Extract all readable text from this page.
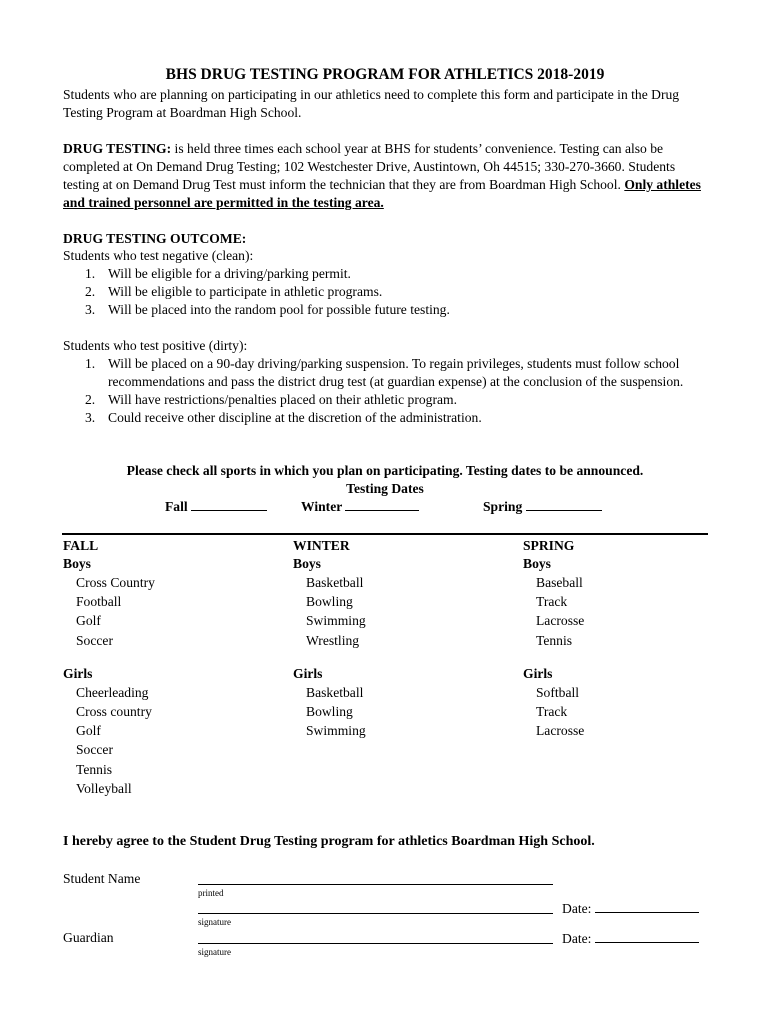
BHS DRUG TESTING PROGRAM FOR ATHLETICS 2018-2019
Students who are planning on participating in our athletics need to complete this form and participate in the Drug Testing Program at Boardman High School.
DRUG TESTING: is held three times each school year at BHS for students’ convenience. Testing can also be completed at On Demand Drug Testing; 102 Westchester Drive, Austintown, Oh 44515; 330-270-3660. Students testing at on Demand Drug Test must inform the technician that they are from Boardman High School. Only athletes and trained personnel are permitted in the testing area.
DRUG TESTING OUTCOME:
Students who test negative (clean):
1. Will be eligible for a driving/parking permit.
2. Will be eligible to participate in athletic programs.
3. Will be placed into the random pool for possible future testing.
Students who test positive (dirty):
1. Will be placed on a 90-day driving/parking suspension. To regain privileges, students must follow school recommendations and pass the district drug test (at guardian expense) at the conclusion of the suspension.
2. Will have restrictions/penalties placed on their athletic program.
3. Could receive other discipline at the discretion of the administration.
Please check all sports in which you plan on participating. Testing dates to be announced.
Testing Dates
Fall	Winter	Spring
FALL
Boys
Cross Country
Football
Golf
Soccer
Girls
Cheerleading
Cross country
Golf
Soccer
Tennis
Volleyball
WINTER
Boys
Basketball
Bowling
Swimming
Wrestling
Girls
Basketball
Bowling
Swimming
SPRING
Boys
Baseball
Track
Lacrosse
Tennis
Girls
Softball
Track
Lacrosse
I hereby agree to the Student Drug Testing program for athletics Boardman High School.
Student Name
printed
signature
Date:
Guardian
signature
Date:
